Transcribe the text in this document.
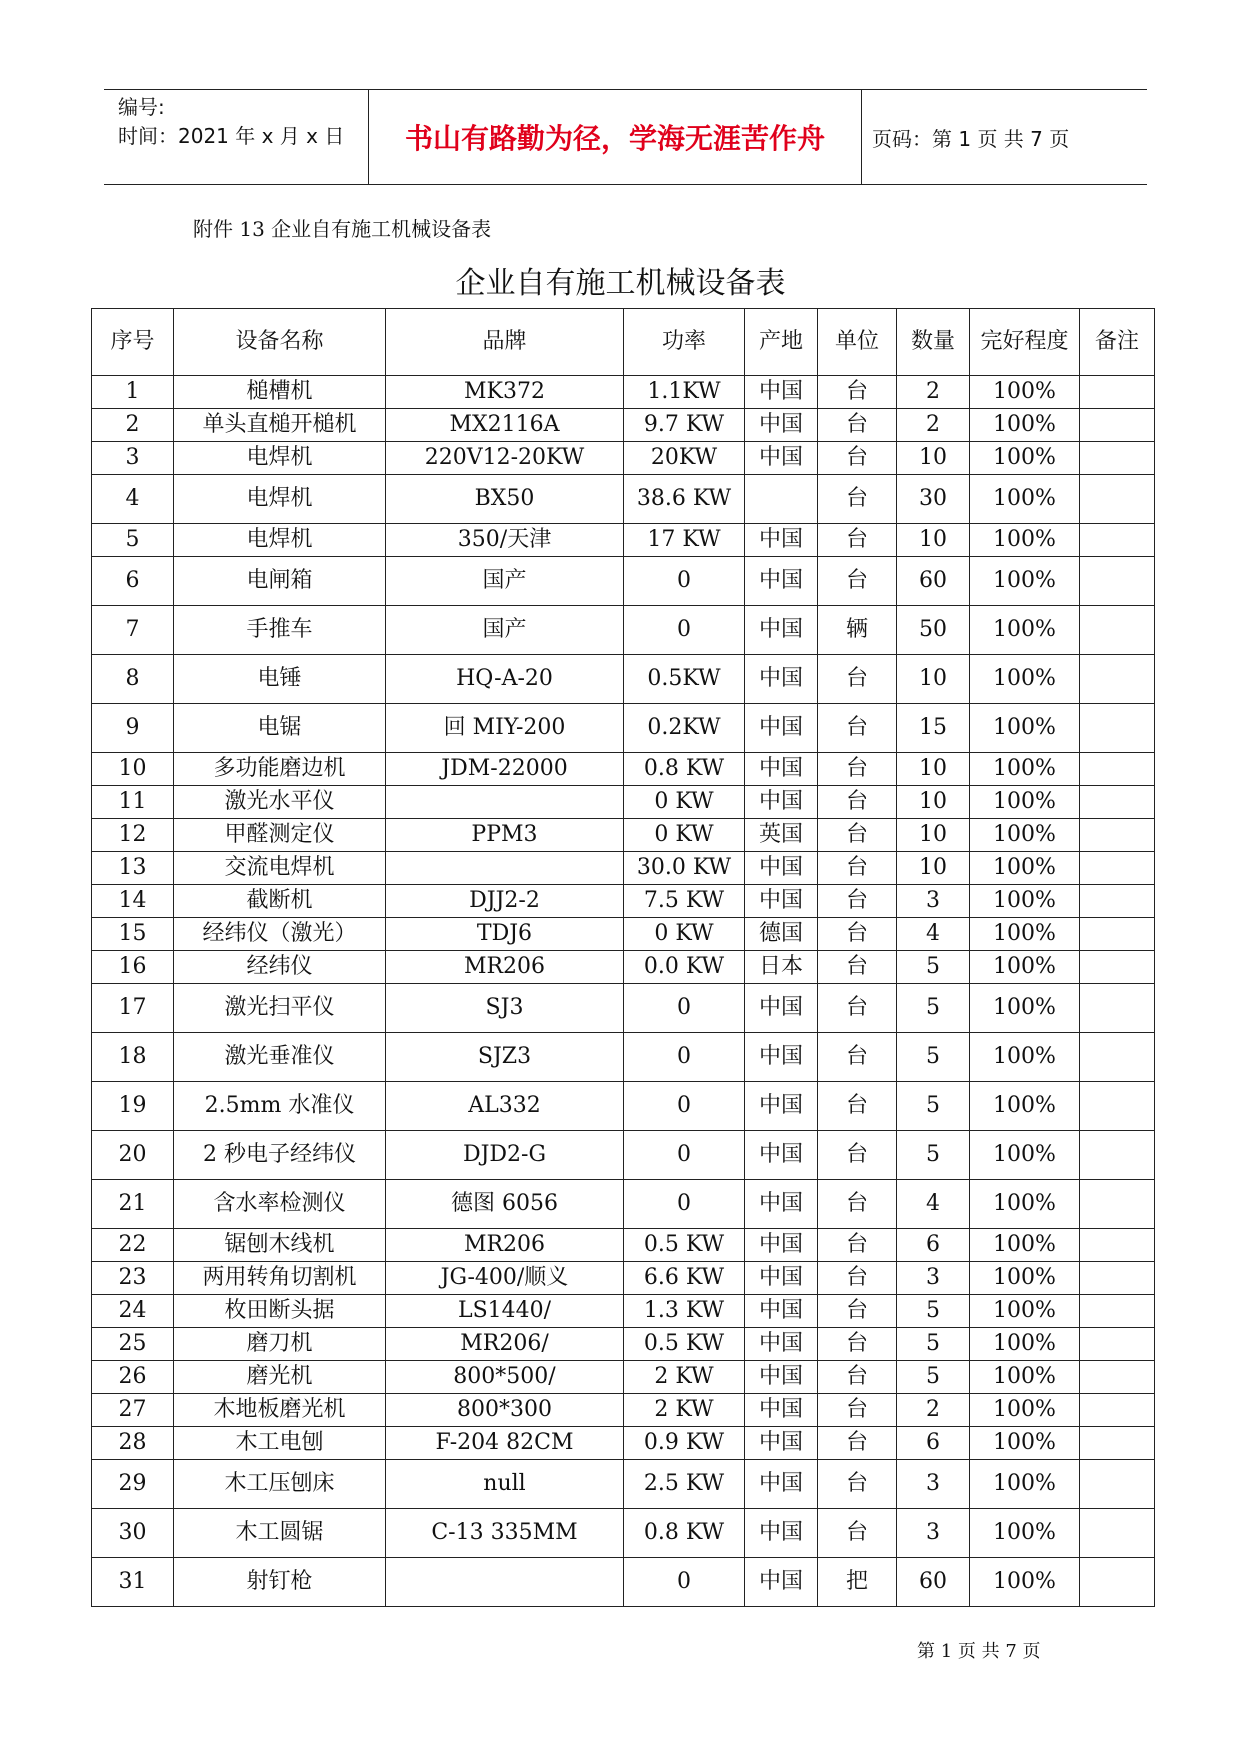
编号:
时间：2021 年 x 月 x 日	书山有路勤为径，学海无涯苦作舟	页码：第 1 页 共 7 页
附件 13 企业自有施工机械设备表
企业自有施工机械设备表
序号	设备名称	品牌	功率	产地	单位	数量	完好程度	备注
1	槌槽机	MK372	1.1KW	中国	台	2	100%	
2	单头直槌开槌机	MX2116A	9.7 KW	中国	台	2	100%	
3	电焊机	220V12-20KW	20KW	中国	台	10	100%	
4	电焊机	BX50	38.6 KW		台	30	100%	
5	电焊机	350/天津	17 KW	中国	台	10	100%	
6	电闸箱	国产	0	中国	台	60	100%	
7	手推车	国产	0	中国	辆	50	100%	
8	电锤	HQ-A-20	0.5KW	中国	台	10	100%	
9	电锯	回 MIY-200	0.2KW	中国	台	15	100%	
10	多功能磨边机	JDM-22000	0.8 KW	中国	台	10	100%	
11	激光水平仪		0 KW	中国	台	10	100%	
12	甲醛测定仪	PPM3	0 KW	英国	台	10	100%	
13	交流电焊机		30.0 KW	中国	台	10	100%	
14	截断机	DJJ2-2	7.5 KW	中国	台	3	100%	
15	经纬仪（激光）	TDJ6	0 KW	德国	台	4	100%	
16	经纬仪	MR206	0.0 KW	日本	台	5	100%	
17	激光扫平仪	SJ3	0	中国	台	5	100%	
18	激光垂准仪	SJZ3	0	中国	台	5	100%	
19	2.5mm 水准仪	AL332	0	中国	台	5	100%	
20	2 秒电子经纬仪	DJD2-G	0	中国	台	5	100%	
21	含水率检测仪	德图 6056	0	中国	台	4	100%	
22	锯刨木线机	MR206	0.5 KW	中国	台	6	100%	
23	两用转角切割机	JG-400/顺义	6.6 KW	中国	台	3	100%	
24	枚田断头据	LS1440/	1.3 KW	中国	台	5	100%	
25	磨刀机	MR206/	0.5 KW	中国	台	5	100%	
26	磨光机	800*500/	2 KW	中国	台	5	100%	
27	木地板磨光机	800*300	2 KW	中国	台	2	100%	
28	木工电刨	F-204 82CM	0.9 KW	中国	台	6	100%	
29	木工压刨床	null	2.5 KW	中国	台	3	100%	
30	木工圆锯	C-13 335MM	0.8 KW	中国	台	3	100%	
31	射钉枪		0	中国	把	60	100%	
第 1 页 共 7 页
